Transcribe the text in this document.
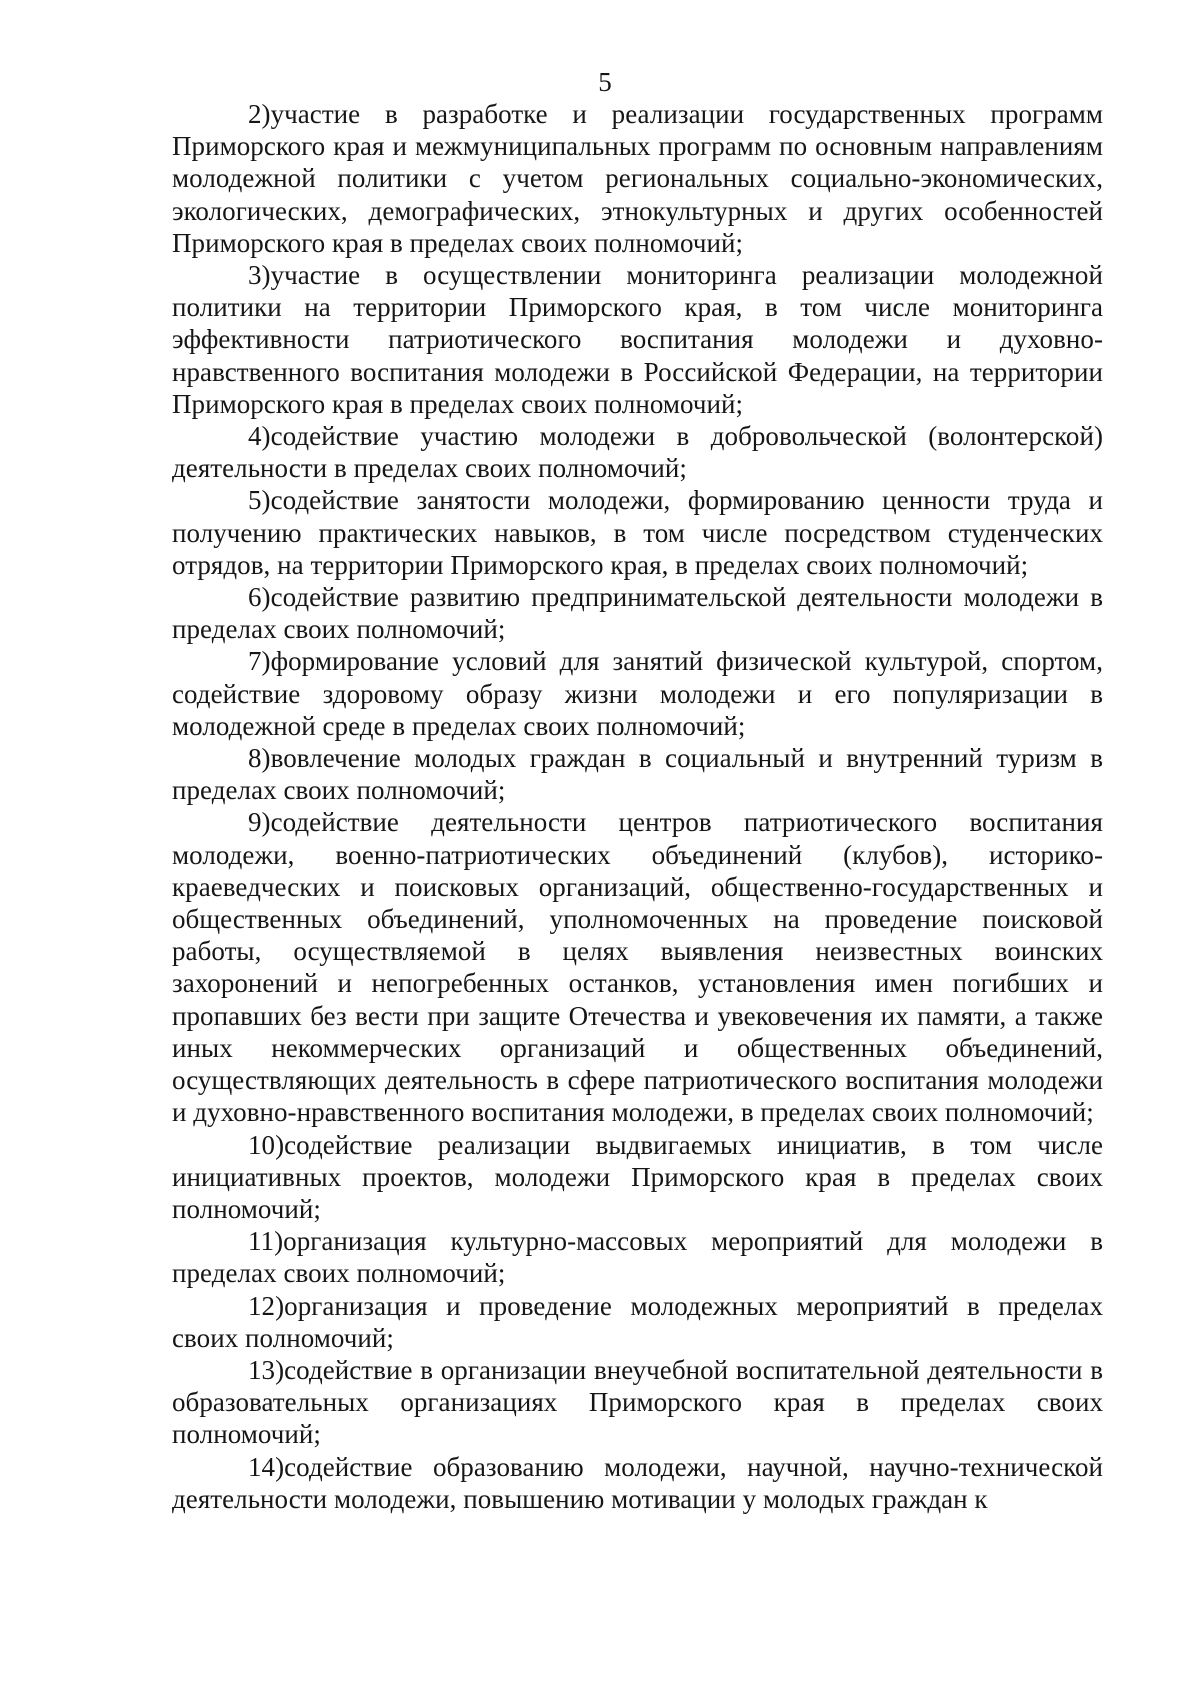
5

2)участие в разработке и реализации государственных программ Приморского края и межмуниципальных программ по основным направлениям молодежной политики с учетом региональных социально-экономических, экологических, демографических, этнокультурных и других особенностей Приморского края в пределах своих полномочий;

3)участие в осуществлении мониторинга реализации молодежной политики на территории Приморского края, в том числе мониторинга эффективности патриотического воспитания молодежи и духовно-нравственного воспитания молодежи в Российской Федерации, на территории Приморского края в пределах своих полномочий;

4)содействие участию молодежи в добровольческой (волонтерской) деятельности в пределах своих полномочий;

5)содействие занятости молодежи, формированию ценности труда и получению практических навыков, в том числе посредством студенческих отрядов, на территории Приморского края, в пределах своих полномочий;

6)содействие развитию предпринимательской деятельности молодежи в пределах своих полномочий;

7)формирование условий для занятий физической культурой, спортом, содействие здоровому образу жизни молодежи и его популяризации в молодежной среде в пределах своих полномочий;

8)вовлечение молодых граждан в социальный и внутренний туризм в пределах своих полномочий;

9)содействие деятельности центров патриотического воспитания молодежи, военно-патриотических объединений (клубов), историко-краеведческих и поисковых организаций, общественно-государственных и общественных объединений, уполномоченных на проведение поисковой работы, осуществляемой в целях выявления неизвестных воинских захоронений и непогребенных останков, установления имен погибших и пропавших без вести при защите Отечества и увековечения их памяти, а также иных некоммерческих организаций и общественных объединений, осуществляющих деятельность в сфере патриотического воспитания молодежи и духовно-нравственного воспитания молодежи, в пределах своих полномочий;

10)содействие реализации выдвигаемых инициатив, в том числе инициативных проектов, молодежи Приморского края в пределах своих полномочий;

11)организация культурно-массовых мероприятий для молодежи в пределах своих полномочий;

12)организация и проведение молодежных мероприятий в пределах своих полномочий;

13)содействие в организации внеучебной воспитательной деятельности в образовательных организациях Приморского края в пределах своих полномочий;

14)содействие образованию молодежи, научной, научно-технической деятельности молодежи, повышению мотивации у молодых граждан к
